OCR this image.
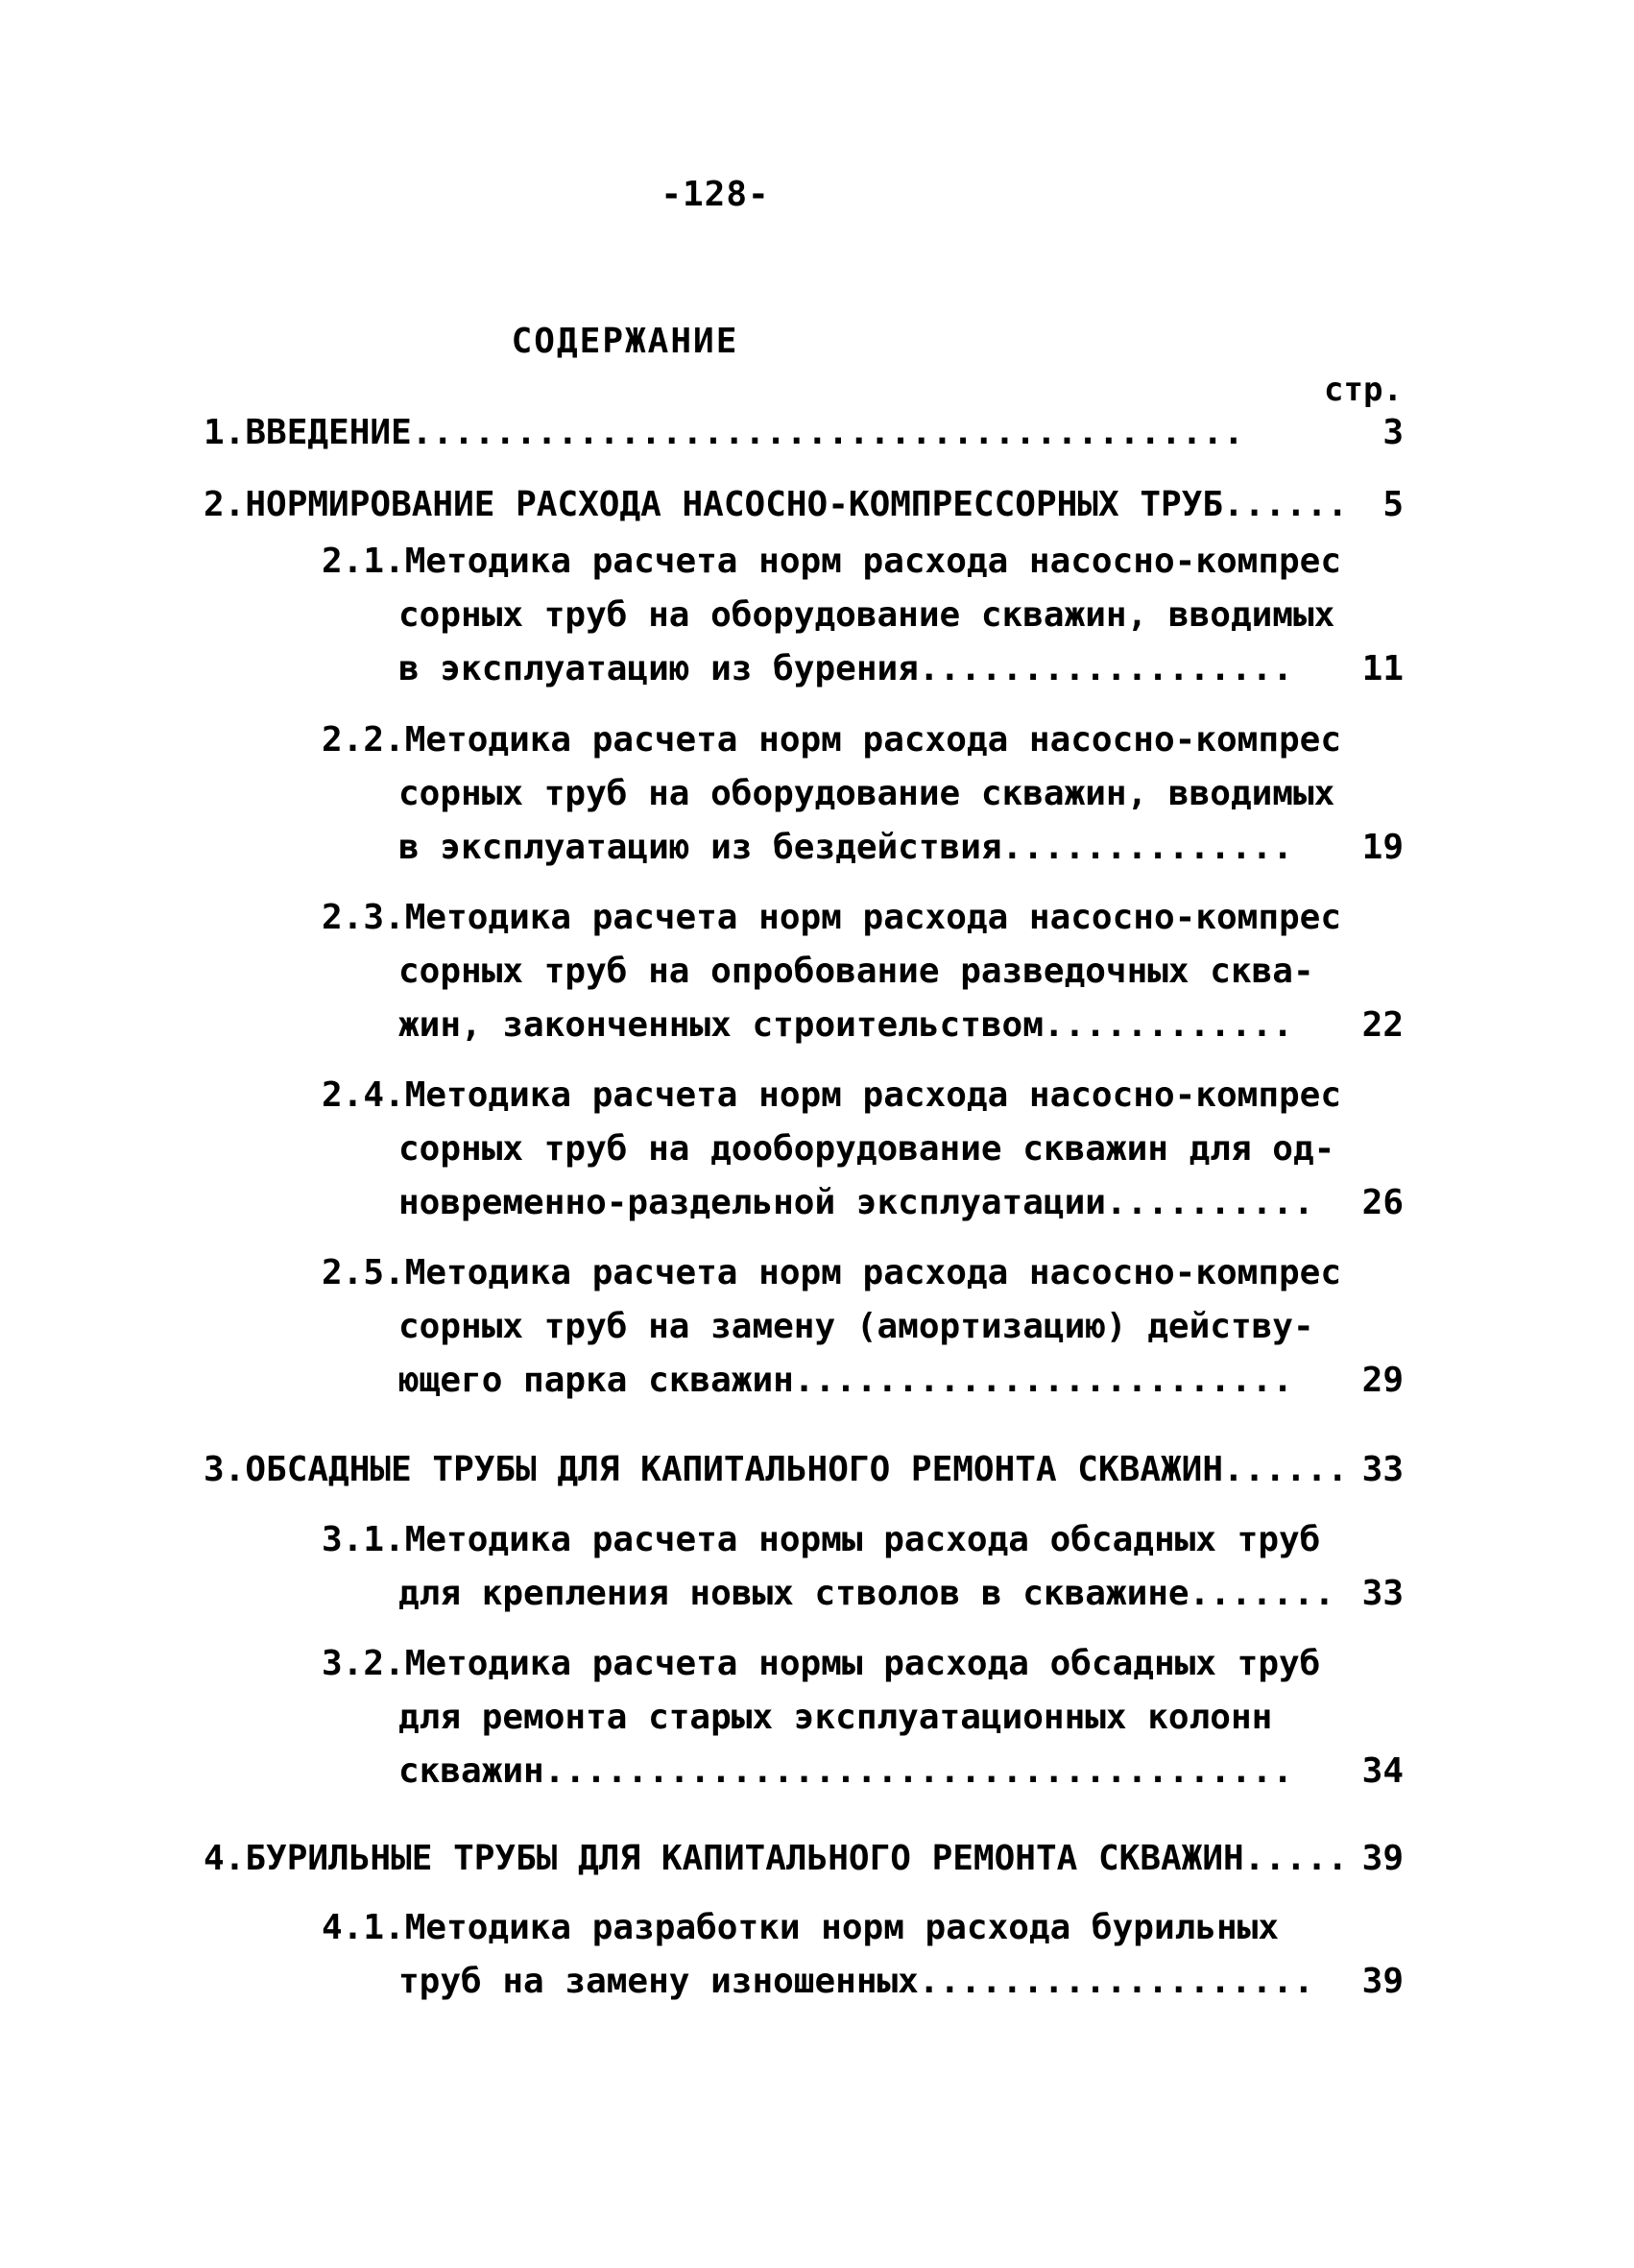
-128-
СОДЕРЖАНИЕ
стр.
1.ВВЕДЕНИЕ........................................	3
2.НОРМИРОВАНИЕ РАСХОДА НАСОСНО-КОМПРЕССОРНЫХ ТРУБ......	5
2.1.Методика расчета норм расхода насосно-компрес
сорных труб на оборудование скважин, вводимых
в эксплуатацию из бурения..................	11
2.2.Методика расчета норм расхода насосно-компрес
сорных труб на оборудование скважин, вводимых
в эксплуатацию из бездействия..............	19
2.3.Методика расчета норм расхода насосно-компрес
сорных труб на опробование разведочных сква-
жин, законченных строительством............	22
2.4.Методика расчета норм расхода насосно-компрес
сорных труб на дооборудование скважин для од-
новременно-раздельной эксплуатации..........	26
2.5.Методика расчета норм расхода насосно-компрес
сорных труб на замену (амортизацию) действу-
ющего парка скважин........................	29
3.ОБСАДНЫЕ ТРУБЫ ДЛЯ КАПИТАЛЬНОГО РЕМОНТА СКВАЖИН...... 33
3.1.Методика расчета нормы расхода обсадных труб
для крепления новых стволов в скважине....... 33
3.2.Методика расчета нормы расхода обсадных труб
для ремонта старых эксплуатационных колонн
скважин....................................	34
4.БУРИЛЬНЫЕ ТРУБЫ ДЛЯ КАПИТАЛЬНОГО РЕМОНТА СКВАЖИН..... 39
4.1.Методика разработки норм расхода бурильных
труб на замену изношенных...................	39
